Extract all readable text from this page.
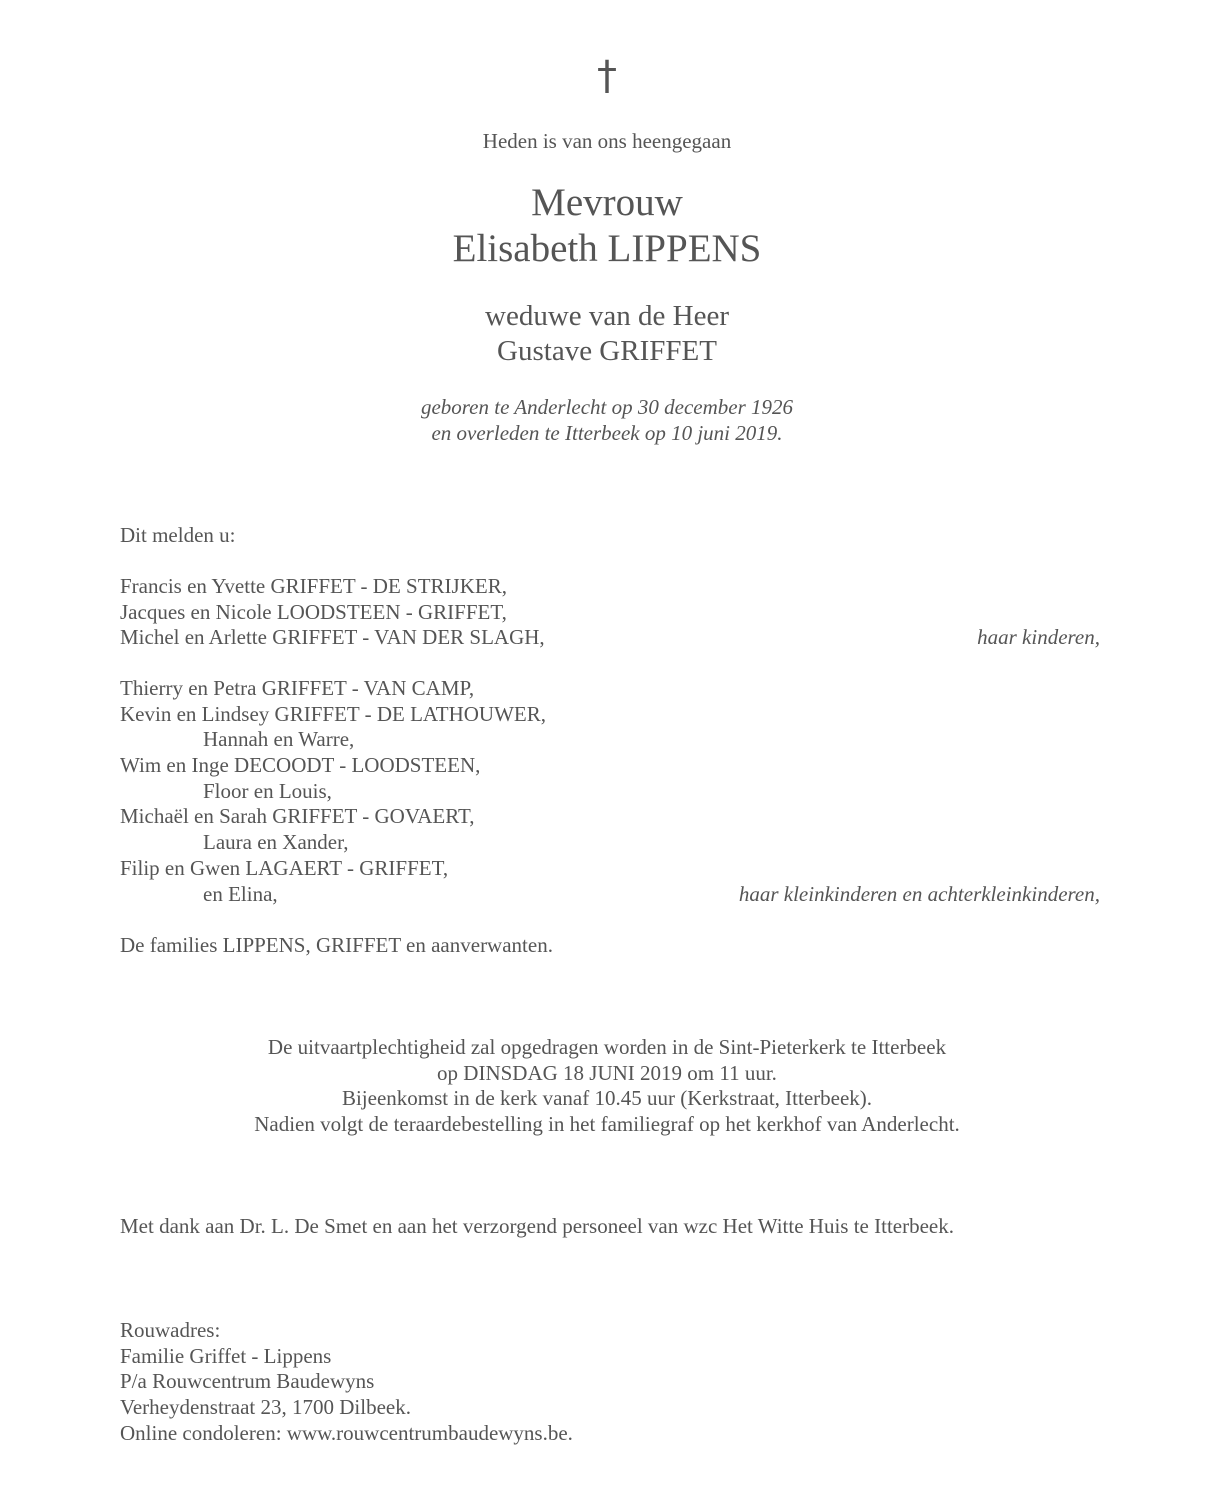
†
Heden is van ons heengegaan
Mevrouw
Elisabeth LIPPENS
weduwe van de Heer
Gustave GRIFFET
geboren te Anderlecht op 30 december 1926
en overleden te Itterbeek op 10 juni 2019.
Dit melden u:
Francis en Yvette GRIFFET - DE STRIJKER,
Jacques en Nicole LOODSTEEN - GRIFFET,
Michel en Arlette GRIFFET - VAN DER SLAGH,	haar kinderen,
Thierry en Petra GRIFFET - VAN CAMP,
Kevin en Lindsey GRIFFET - DE LATHOUWER,
Hannah en Warre,
Wim en Inge DECOODT - LOODSTEEN,
Floor en Louis,
Michaël en Sarah GRIFFET - GOVAERT,
Laura en Xander,
Filip en Gwen LAGAERT - GRIFFET,
en Elina,	haar kleinkinderen en achterkleinkinderen,
De families LIPPENS, GRIFFET en aanverwanten.
De uitvaartplechtigheid zal opgedragen worden in de Sint-Pieterkerk te Itterbeek
op DINSDAG 18 JUNI 2019 om 11 uur.
Bijeenkomst in de kerk vanaf 10.45 uur (Kerkstraat, Itterbeek).
Nadien volgt de teraardebestelling in het familiegraf op het kerkhof van Anderlecht.
Met dank aan Dr. L. De Smet en aan het verzorgend personeel van wzc Het Witte Huis te Itterbeek.
Rouwadres:
Familie Griffet - Lippens
P/a Rouwcentrum Baudewyns
Verheydenstraat 23, 1700 Dilbeek.
Online condoleren: www.rouwcentrumbaudewyns.be.
